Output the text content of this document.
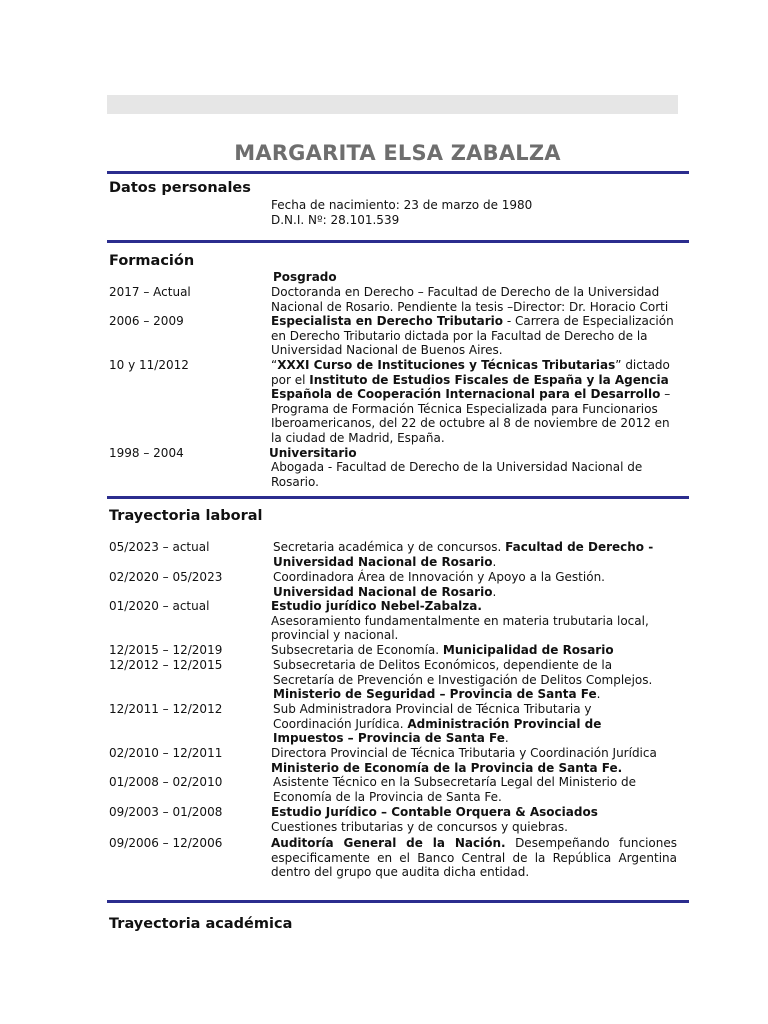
MARGARITA ELSA ZABALZA
Datos personales
Fecha de nacimiento: 23 de marzo de 1980
D.N.I. Nº: 28.101.539
Formación
Posgrado
2017 – Actual	Doctoranda en Derecho – Facultad de Derecho de la Universidad Nacional de Rosario. Pendiente la tesis –Director: Dr. Horacio Corti
2006 – 2009	Especialista en Derecho Tributario - Carrera de Especialización en Derecho Tributario dictada por la Facultad de Derecho de la Universidad Nacional de Buenos Aires.
10 y 11/2012	“XXXI Curso de Instituciones y Técnicas Tributarias” dictado por el Instituto de Estudios Fiscales de España y la Agencia Española de Cooperación Internacional para el Desarrollo – Programa de Formación Técnica Especializada para Funcionarios Iberoamericanos, del 22 de octubre al 8 de noviembre de 2012 en la ciudad de Madrid, España.
1998 – 2004	Universitario
Abogada - Facultad de Derecho de la Universidad Nacional de Rosario.
Trayectoria laboral
05/2023 – actual	Secretaria académica y de concursos. Facultad de Derecho - Universidad Nacional de Rosario.
02/2020 – 05/2023	Coordinadora Área de Innovación y Apoyo a la Gestión. Universidad Nacional de Rosario.
01/2020 – actual	Estudio jurídico Nebel-Zabalza.
Asesoramiento fundamentalmente en materia trubutaria local, provincial y nacional.
12/2015 – 12/2019	Subsecretaria de Economía. Municipalidad de Rosario
12/2012 – 12/2015	Subsecretaria de Delitos Económicos, dependiente de la Secretaría de Prevención e Investigación de Delitos Complejos. Ministerio de Seguridad – Provincia de Santa Fe.
12/2011 – 12/2012	Sub Administradora Provincial de Técnica Tributaria y Coordinación Jurídica. Administración Provincial de Impuestos – Provincia de Santa Fe.
02/2010 – 12/2011	Directora Provincial de Técnica Tributaria y Coordinación Jurídica
Ministerio de Economía de la Provincia de Santa Fe.
01/2008 – 02/2010	Asistente Técnico en la Subsecretaría Legal del Ministerio de Economía de la Provincia de Santa Fe.
09/2003 – 01/2008	Estudio Jurídico – Contable Orquera & Asociados
Cuestiones tributarias y de concursos y quiebras.
09/2006 – 12/2006	Auditoría General de la Nación. Desempeñando funciones especificamente en el Banco Central de la República Argentina dentro del grupo que audita dicha entidad.
Trayectoria académica
